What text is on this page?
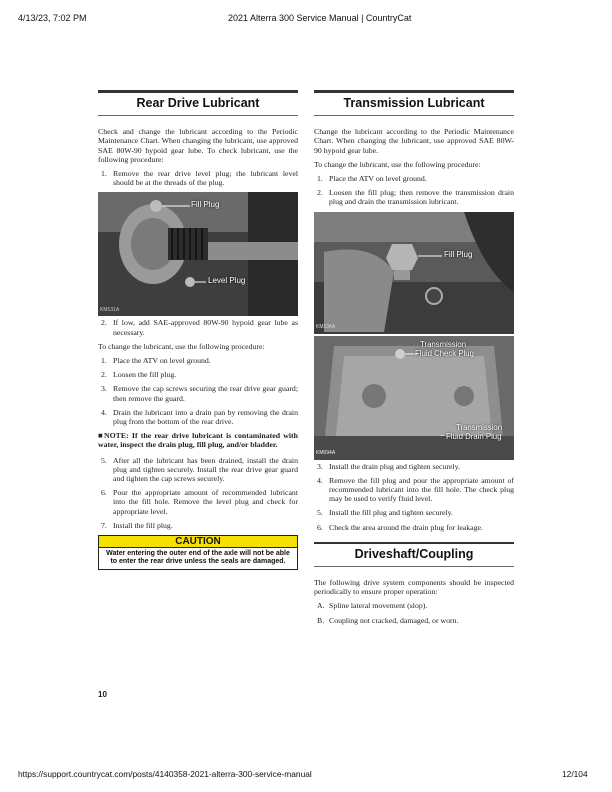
4/13/23, 7:02 PM	2021 Alterra 300 Service Manual | CountryCat
Rear Drive Lubricant

Check and change the lubricant according to the Periodic Maintenance Chart. When changing the lubricant, use approved SAE 80W-90 hypoid gear lube. To check lubricant, use the following procedure:

1. Remove the rear drive level plug; the lubricant level should be at the threads of the plug.
Fill Plug
Level Plug
KM131A
2. If low, add SAE-approved 80W-90 hypoid gear lube as necessary.

To change the lubricant, use the following procedure:

1. Place the ATV on level ground.
2. Loosen the fill plug.
3. Remove the cap screws securing the rear drive gear guard; then remove the guard.
4. Drain the lubricant into a drain pan by removing the drain plug from the bottom of the rear drive.

■NOTE: If the rear drive lubricant is contaminated with water, inspect the drain plug, fill plug, and/or bladder.

5. After all the lubricant has been drained, install the drain plug and tighten securely. Install the rear drive gear guard and tighten the cap screws securely.
6. Pour the appropriate amount of recommended lubricant into the fill hole. Remove the level plug and check for appropriate level.
7. Install the fill plug.
CAUTION
Water entering the outer end of the axle will not be able to enter the rear drive unless the seals are damaged.
Transmission Lubricant

Change the lubricant according to the Periodic Maintenance Chart. When changing the lubricant, use approved SAE 80W-90 hypoid gear lube.

To change the lubricant, use the following procedure:

1. Place the ATV on level ground.
2. Loosen the fill plug; then remove the transmission drain plug and drain the transmission lubricant.
Fill Plug
KM134A
Transmission
Fluid Check Plug
Transmission
Fluid Drain Plug
KM094A
3. Install the drain plug and tighten securely.
4. Remove the fill plug and pour the appropriate amount of recommended lubricant into the fill hole. The check plug may be used to verify fluid level.
5. Install the fill plug and tighten securely.
6. Check the area around the drain plug for leakage.
Driveshaft/Coupling

The following drive system components should be inspected periodically to ensure proper operation:

A. Spline lateral movement (slop).
B. Coupling not cracked, damaged, or worn.
10
https://support.countrycat.com/posts/4140358-2021-alterra-300-service-manual	12/104
